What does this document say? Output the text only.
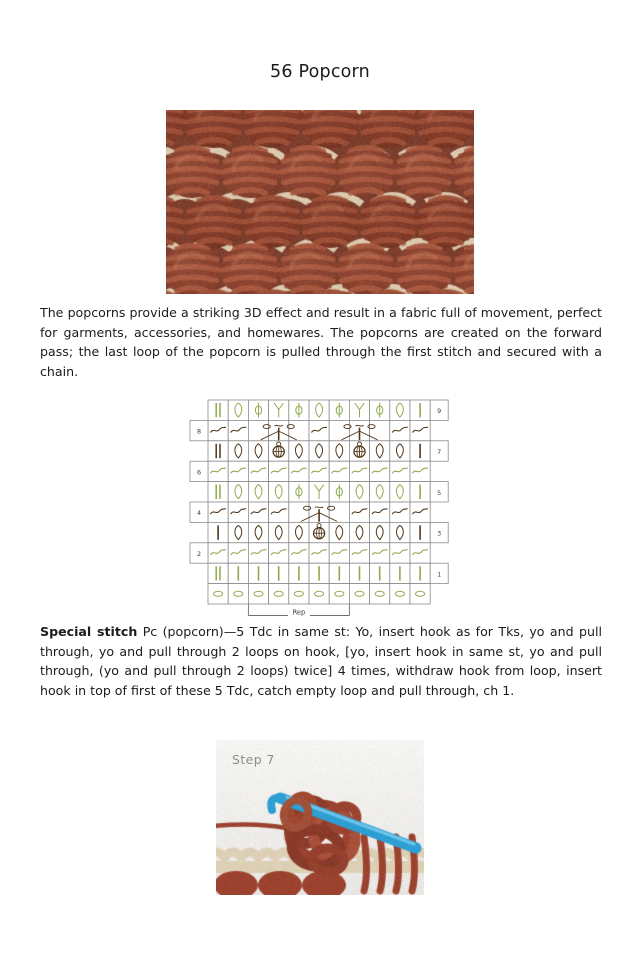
56 Popcorn
The popcorns provide a striking 3D effect and result in a fabric full of movement, perfect for garments, accessories, and homewares. The popcorns are created on the forward pass; the last loop of the popcorn is pulled through the first stitch and secured with a chain.
9
8
7
6
5
4
3
2
1
Rep
Special stitch Pc (popcorn)—5 Tdc in same st: Yo, insert hook as for Tks, yo and pull through, yo and pull through 2 loops on hook, [yo, insert hook in same st, yo and pull through, (yo and pull through 2 loops) twice] 4 times, withdraw hook from loop, insert hook in top of first of these 5 Tdc, catch empty loop and pull through, ch 1.
Step 7
